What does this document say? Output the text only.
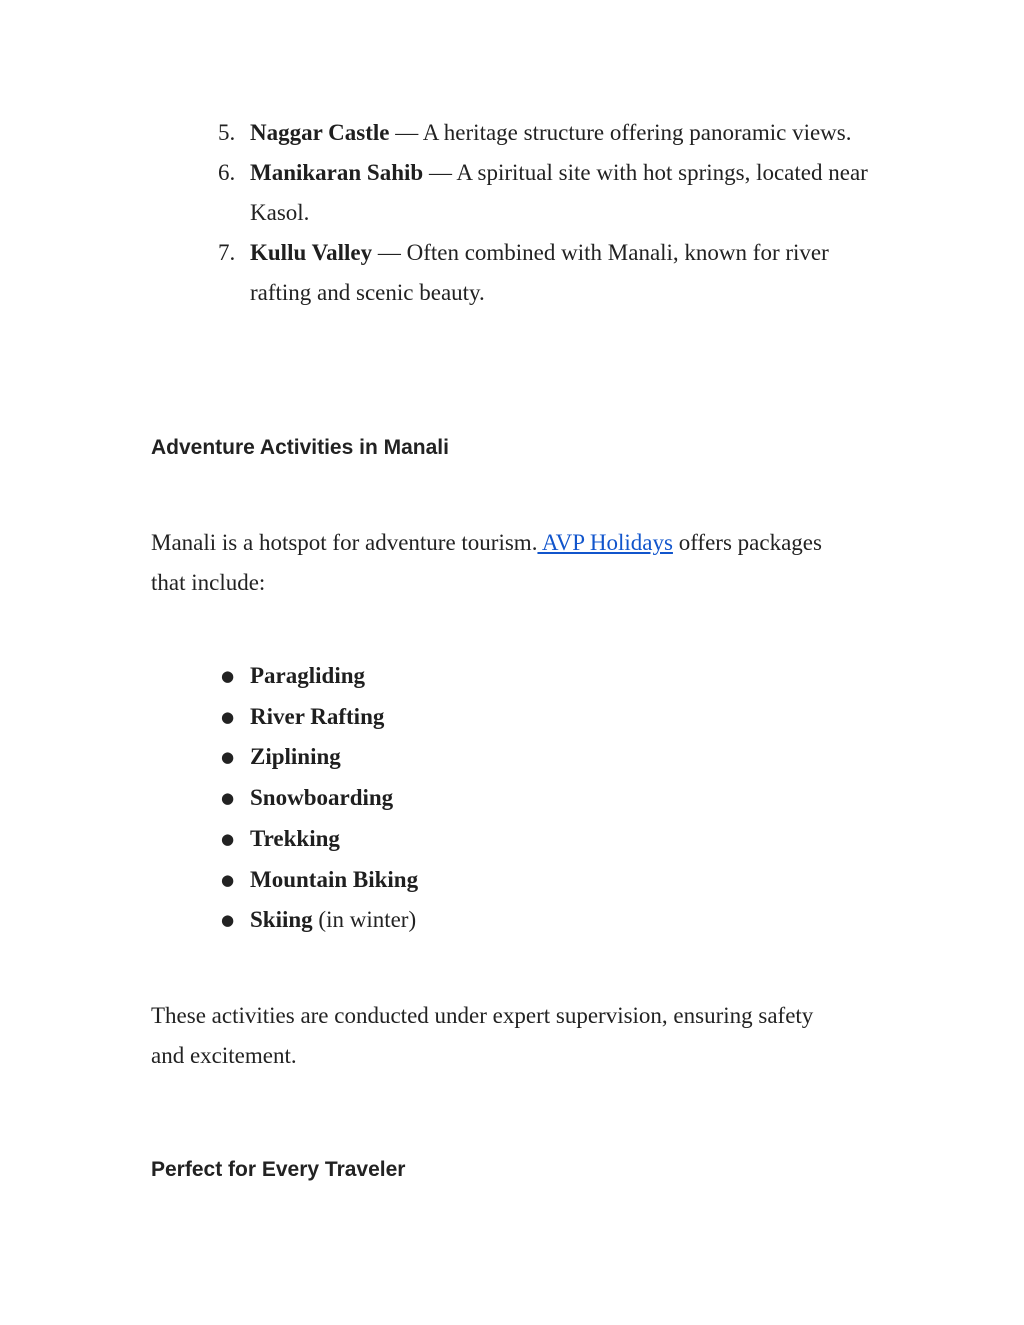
5. Naggar Castle — A heritage structure offering panoramic views.
6. Manikaran Sahib — A spiritual site with hot springs, located near Kasol.
7. Kullu Valley — Often combined with Manali, known for river rafting and scenic beauty.
Adventure Activities in Manali

Manali is a hotspot for adventure tourism. AVP Holidays offers packages that include:

● Paragliding
● River Rafting
● Ziplining
● Snowboarding
● Trekking
● Mountain Biking
● Skiing (in winter)

These activities are conducted under expert supervision, ensuring safety and excitement.

Perfect for Every Traveler
